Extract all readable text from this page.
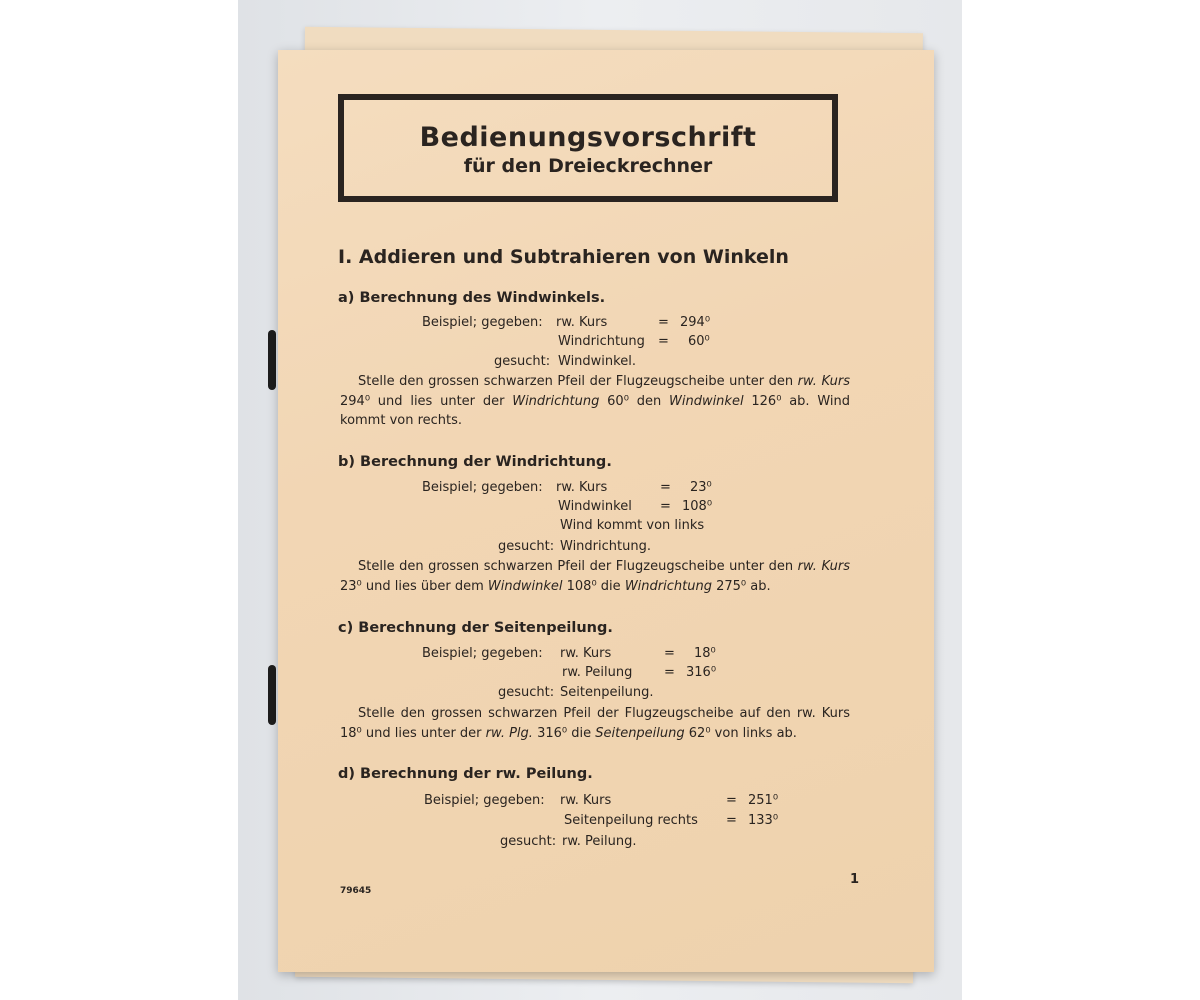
Bedienungsvorschrift
für den Dreieckrechner
I. Addieren und Subtrahieren von Winkeln
a) Berechnung des Windwinkels.
Beispiel; gegeben: rw. Kurs	= 294⁰
Windrichtung = 60⁰
gesucht: Windwinkel.
Stelle den grossen schwarzen Pfeil der Flugzeugscheibe unter den rw. Kurs 294⁰ und lies unter der Windrichtung 60⁰ den Windwinkel 126⁰ ab. Wind kommt von rechts.
b) Berechnung der Windrichtung.
Beispiel; gegeben: rw. Kurs	= 23⁰
Windwinkel = 108⁰
Wind kommt von links
gesucht: Windrichtung.
Stelle den grossen schwarzen Pfeil der Flugzeugscheibe unter den rw. Kurs 23⁰ und lies über dem Windwinkel 108⁰ die Windrichtung 275⁰ ab.
c) Berechnung der Seitenpeilung.
Beispiel; gegeben: rw. Kurs	= 18⁰
rw. Peilung = 316⁰
gesucht: Seitenpeilung.
Stelle den grossen schwarzen Pfeil der Flugzeugscheibe auf den rw. Kurs 18⁰ und lies unter der rw. Plg. 316⁰ die Seitenpeilung 62⁰ von links ab.
d) Berechnung der rw. Peilung.
Beispiel; gegeben: rw. Kurs	= 251⁰
Seitenpeilung rechts = 133⁰
gesucht: rw. Peilung.
79645
1
